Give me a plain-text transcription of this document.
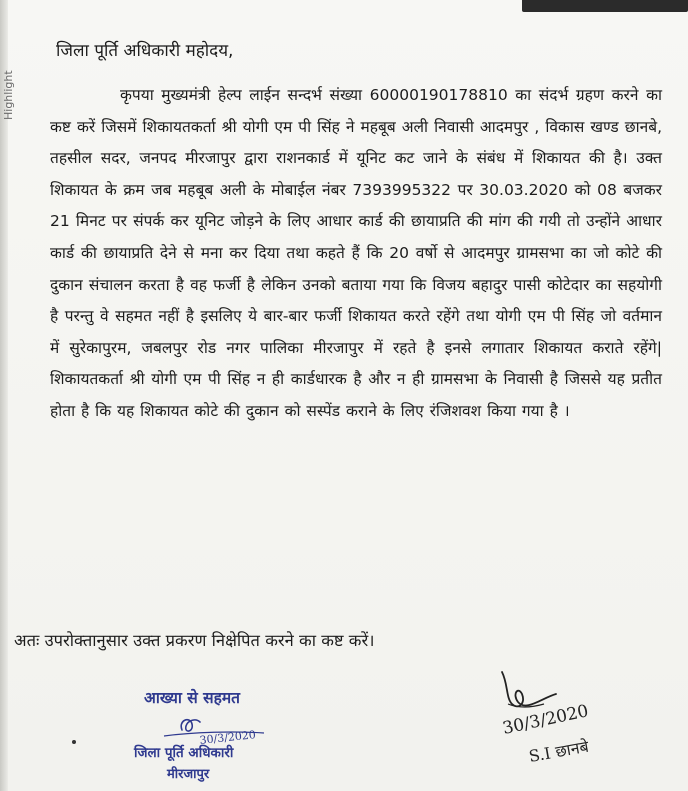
Highlight
जिला पूर्ति अधिकारी महोदय,
कृपया मुख्यमंत्री हेल्प लाईन सन्दर्भ संख्या 60000190178810 का संदर्भ ग्रहण करने का कष्ट करें जिसमें शिकायतकर्ता श्री योगी एम पी सिंह ने महबूब अली निवासी आदमपुर , विकास खण्ड छानबे, तहसील सदर, जनपद मीरजापुर द्वारा राशनकार्ड में यूनिट कट जाने के संबंध में शिकायत की है। उक्त शिकायत के क्रम जब महबूब अली के मोबाईल नंबर 7393995322 पर 30.03.2020 को 08 बजकर 21 मिनट पर संपर्क कर यूनिट जोड़ने के लिए आधार कार्ड की छायाप्रति की मांग की गयी तो उन्होंने आधार कार्ड की छायाप्रति देने से मना कर दिया तथा कहते हैं कि 20 वर्षो से आदमपुर ग्रामसभा का जो कोटे की दुकान संचालन करता है वह फर्जी है लेकिन उनको बताया गया कि विजय बहादुर पासी कोटेदार का सहयोगी है परन्तु वे सहमत नहीं है इसलिए ये बार-बार फर्जी शिकायत करते रहेंगे तथा योगी एम पी सिंह जो वर्तमान में सुरेकापुरम, जबलपुर रोड नगर पालिका मीरजापुर में रहते है इनसे लगातार शिकायत कराते रहेंगे| शिकायतकर्ता श्री योगी एम पी सिंह न ही कार्डधारक है और न ही ग्रामसभा के निवासी है जिससे यह प्रतीत होता है कि यह शिकायत कोटे की दुकान को सस्पेंड कराने के लिए रंजिशवश किया गया है ।
अतः उपरोक्तानुसार उक्त प्रकरण निक्षेपित करने का कष्ट करें।
आख्या से सहमत
30/3/2020
जिला पूर्ति अधिकारी
मीरजापुर
30/3/2020
S.I छानबे
